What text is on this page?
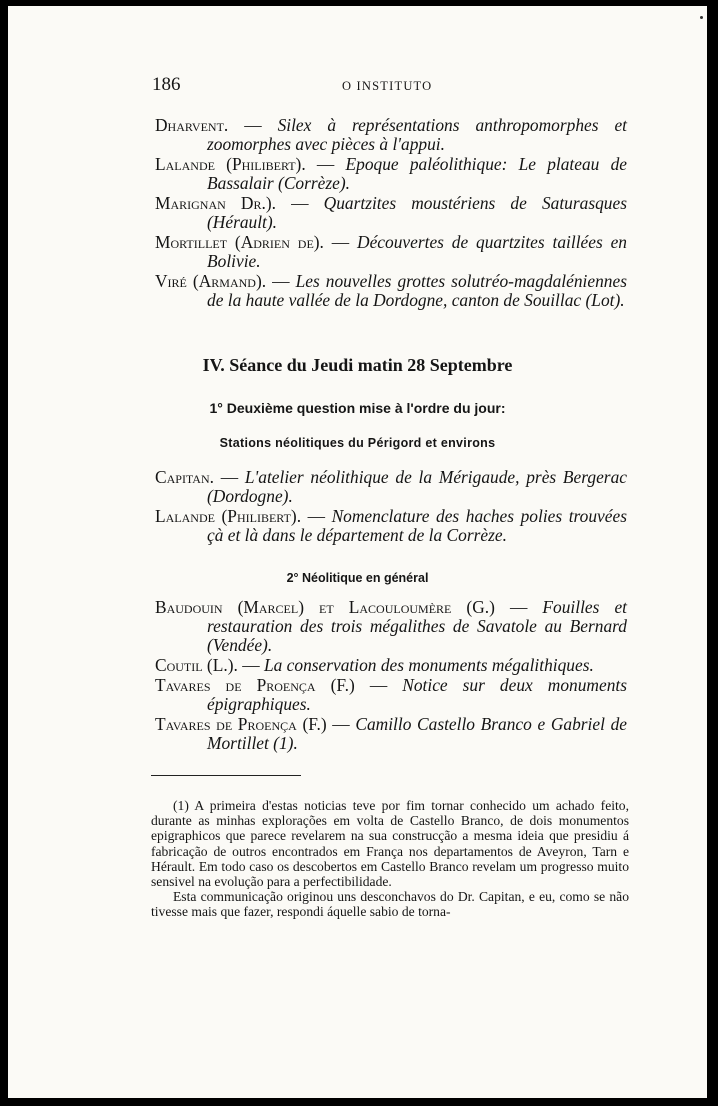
186	O INSTITUTO
Dharvent. — Silex à représentations anthropomorphes et zoomorphes avec pièces à l'appui.
Lalande (Philibert). — Epoque paléolithique: Le plateau de Bassalair (Corrèze).
Marignan Dr.). — Quartzites moustériens de Saturasques (Hérault).
Mortillet (Adrien de). — Découvertes de quartzites taillées en Bolivie.
Viré (Armand). — Les nouvelles grottes solutréo-magdaléniennes de la haute vallée de la Dordogne, canton de Souillac (Lot).
IV. Séance du Jeudi matin 28 Septembre
1° Deuxième question mise à l'ordre du jour:
Stations néolitiques du Périgord et environs
Capitan. — L'atelier néolithique de la Mérigaude, près Bergerac (Dordogne).
Lalande (Philibert). — Nomenclature des haches polies trouvées çà et là dans le département de la Corrèze.
2° Néolitique en général
Baudouin (Marcel) et Lacouloumère (G.) — Fouilles et restauration des trois mégalithes de Savatole au Bernard (Vendée).
Coutil (L.). — La conservation des monuments mégalithiques.
Tavares de Proença (F.) — Notice sur deux monuments épigraphiques.
Tavares de Proença (F.) — Camillo Castello Branco e Gabriel de Mortillet (1).

(1) A primeira d'estas noticias teve por fim tornar conhecido um achado feito, durante as minhas explorações em volta de Castello Branco, de dois monumentos epigraphicos que parece revelarem na sua construcção a mesma ideia que presidiu á fabricação de outros encontrados em França nos departamentos de Aveyron, Tarn e Hérault. Em todo caso os descobertos em Castello Branco revelam um progresso muito sensivel na evolução para a perfectibilidade.

Esta communicação originou uns desconchavos do Dr. Capitan, e eu, como se não tivesse mais que fazer, respondi áquelle sabio de torna-
